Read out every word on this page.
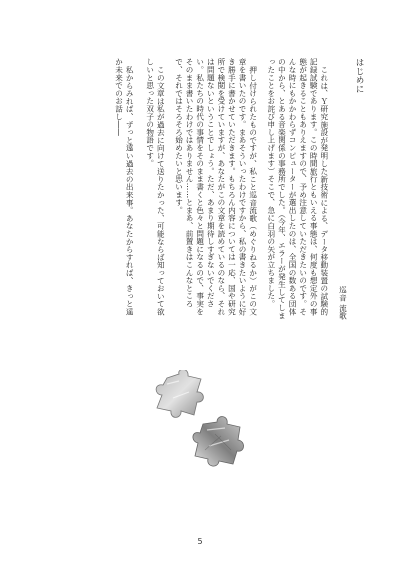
はじめに
巡音 流歌

これは、Ｙ研究施設が発明した新技術による、データ移動装置の試験的記録試験であります。この時間旅行ともいえる事態は、何度も想定外の事態が起きることもありえますので、予め注意していただきたいのです。そんな時にもかかわらずコンピューターが選出したのは、全国の数ある団体の中から、とある音楽関係の事務所でした。（今年、エラーが発生してしまったことをお詫び申し上げます）そこで、急に白羽の矢が立ちました。

押し付けられたものですが、私こと巡音流歌（めぐりねるか）がこの文章を書いたのです。まあそういったわけですから、私の書きたいように好き勝手に書かせていただきます。もちろん内容については一応、国や研究所で検閲を受けていますが、あなたがこの文章を読めているのなら、それは問題ないということでしょう。ただ、あまり期待しすぎないでください。私たちの時代の事情をそのまま書くと色々と問題になるので、事実をそのまま書いたわけではありません……とまあ、前置きはこんなところで、それではそろそろ始めたいと思います。

この文章は私が過去に向けて送りたかった、可能ならば知っておいて欲しいと思った双子の物語です。

私からみれば、ずっと遠い過去の出来事。あなたからすれば、きっと遥か未来でのお話し――

5
